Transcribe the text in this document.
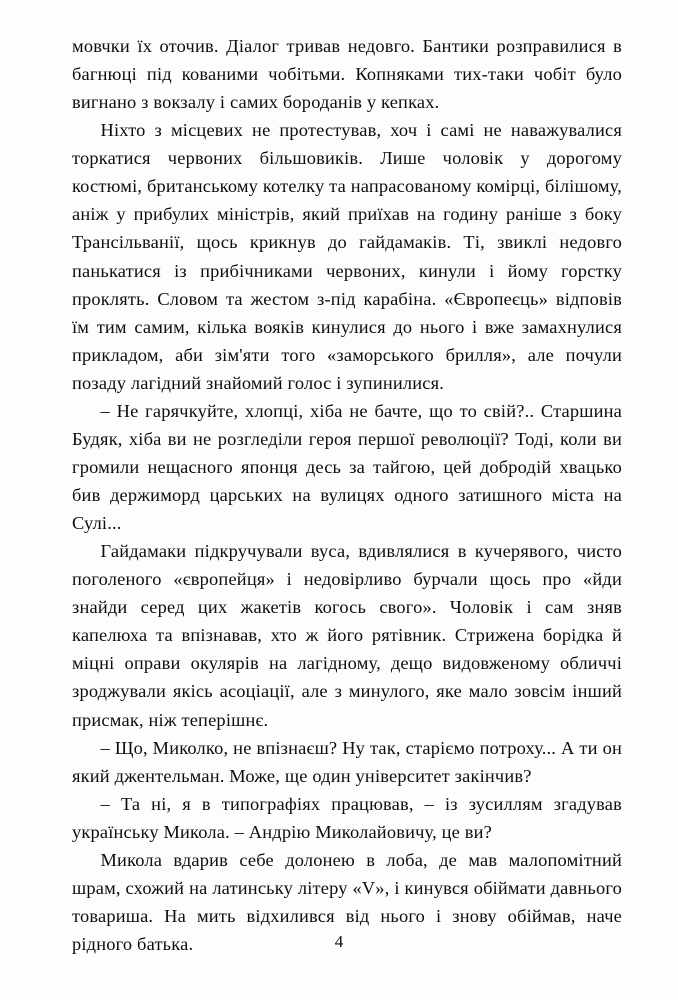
мовчки їх оточив. Діалог тривав недовго. Бантики розправилися в багнюці під кованими чобітьми. Копняками тих-таки чобіт було вигнано з вокзалу і самих бороданів у кепках.

Ніхто з місцевих не протестував, хоч і самі не наважувалися торкатися червоних більшовиків. Лише чоловік у дорогому костюмі, британському котелку та напрасованому комірці, білішому, аніж у прибулих міністрів, який приїхав на годину раніше з боку Трансільванії, щось крикнув до гайдамаків. Ті, звиклі недовго панькатися із прибічниками червоних, кинули і йому горстку проклять. Словом та жестом з-під карабіна. «Європеєць» відповів їм тим самим, кілька вояків кинулися до нього і вже замахнулися прикладом, аби зім'яти того «заморського брилля», але почули позаду лагідний знайомий голос і зупинилися.

– Не гарячкуйте, хлопці, хіба не бачте, що то свій?.. Старшина Будяк, хіба ви не розгледіли героя першої революції? Тоді, коли ви громили нещасного японця десь за тайгою, цей добродій хвацько бив держиморд царських на вулицях одного затишного міста на Сулі...

Гайдамаки підкручували вуса, вдивлялися в кучерявого, чисто поголеного «європейця» і недовірливо бурчали щось про «йди знайди серед цих жакетів когось свого». Чоловік і сам зняв капелюха та впізнавав, хто ж його рятівник. Стрижена борідка й міцні оправи окулярів на лагідному, дещо видовженому обличчі зроджували якісь асоціації, але з минулого, яке мало зовсім інший присмак, ніж теперішнє.

– Що, Миколко, не впізнаєш? Ну так, старіємо потроху... А ти он який джентельман. Може, ще один університет закінчив?

– Та ні, я в типографіях працював, – із зусиллям згадував українську Микола. – Андрію Миколайовичу, це ви?

Микола вдарив себе долонею в лоба, де мав малопомітний шрам, схожий на латинську літеру «V», і кинувся обіймати давнього товариша. На мить відхилився від нього і знову обіймав, наче рідного батька.	4
